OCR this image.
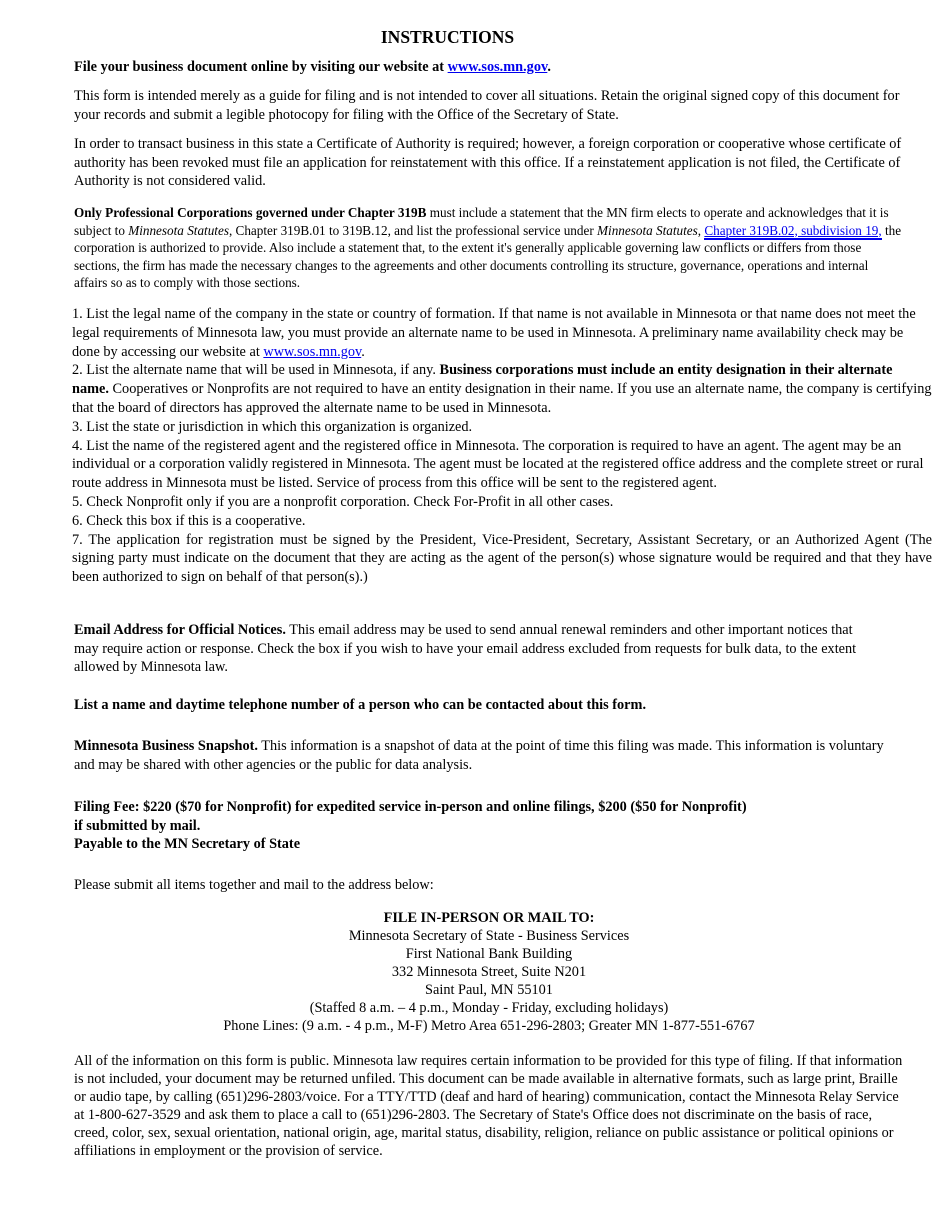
INSTRUCTIONS
File your business document online by visiting our website at www.sos.mn.gov.
This form is intended merely as a guide for filing and is not intended to cover all situations. Retain the original signed copy of this document for your records and submit a legible photocopy for filing with the Office of the Secretary of State.
In order to transact business in this state a Certificate of Authority is required; however, a foreign corporation or cooperative whose certificate of authority has been revoked must file an application for reinstatement with this office. If a reinstatement application is not filed, the Certificate of Authority is not considered valid.
Only Professional Corporations governed under Chapter 319B must include a statement that the MN firm elects to operate and acknowledges that it is subject to Minnesota Statutes, Chapter 319B.01 to 319B.12, and list the professional service under Minnesota Statutes, Chapter 319B.02, subdivision 19, the corporation is authorized to provide. Also include a statement that, to the extent it's generally applicable governing law conflicts or differs from those sections, the firm has made the necessary changes to the agreements and other documents controlling its structure, governance, operations and internal affairs so as to comply with those sections.

1. List the legal name of the company in the state or country of formation. If that name is not available in Minnesota or that name does not meet the legal requirements of Minnesota law, you must provide an alternate name to be used in Minnesota. A preliminary name availability check may be done by accessing our website at www.sos.mn.gov.

2. List the alternate name that will be used in Minnesota, if any. Business corporations must include an entity designation in their alternate name. Cooperatives or Nonprofits are not required to have an entity designation in their name. If you use an alternate name, the company is certifying that the board of directors has approved the alternate name to be used in Minnesota.

3. List the state or jurisdiction in which this organization is organized.

4. List the name of the registered agent and the registered office in Minnesota. The corporation is required to have an agent. The agent may be an individual or a corporation validly registered in Minnesota. The agent must be located at the registered office address and the complete street or rural route address in Minnesota must be listed. Service of process from this office will be sent to the registered agent.

5. Check Nonprofit only if you are a nonprofit corporation. Check For-Profit in all other cases.

6. Check this box if this is a cooperative.

7. The application for registration must be signed by the President, Vice-President, Secretary, Assistant Secretary, or an Authorized Agent (The signing party must indicate on the document that they are acting as the agent of the person(s) whose signature would be required and that they have been authorized to sign on behalf of that person(s).)

Email Address for Official Notices. This email address may be used to send annual renewal reminders and other important notices that may require action or response. Check the box if you wish to have your email address excluded from requests for bulk data, to the extent allowed by Minnesota law.
List a name and daytime telephone number of a person who can be contacted about this form.
Minnesota Business Snapshot. This information is a snapshot of data at the point of time this filing was made. This information is voluntary and may be shared with other agencies or the public for data analysis.
Filing Fee: $220 ($70 for Nonprofit) for expedited service in-person and online filings, $200 ($50 for Nonprofit)
if submitted by mail.
Payable to the MN Secretary of State
Please submit all items together and mail to the address below:
FILE IN-PERSON OR MAIL TO:
Minnesota Secretary of State - Business Services
First National Bank Building
332 Minnesota Street, Suite N201
Saint Paul, MN 55101
(Staffed 8 a.m. – 4 p.m., Monday - Friday, excluding holidays)
Phone Lines: (9 a.m. - 4 p.m., M-F) Metro Area 651-296-2803; Greater MN 1-877-551-6767
All of the information on this form is public. Minnesota law requires certain information to be provided for this type of filing. If that information is not included, your document may be returned unfiled. This document can be made available in alternative formats, such as large print, Braille or audio tape, by calling (651)296-2803/voice. For a TTY/TTD (deaf and hard of hearing) communication, contact the Minnesota Relay Service at 1-800-627-3529 and ask them to place a call to (651)296-2803. The Secretary of State's Office does not discriminate on the basis of race, creed, color, sex, sexual orientation, national origin, age, marital status, disability, religion, reliance on public assistance or political opinions or affiliations in employment or the provision of service.
